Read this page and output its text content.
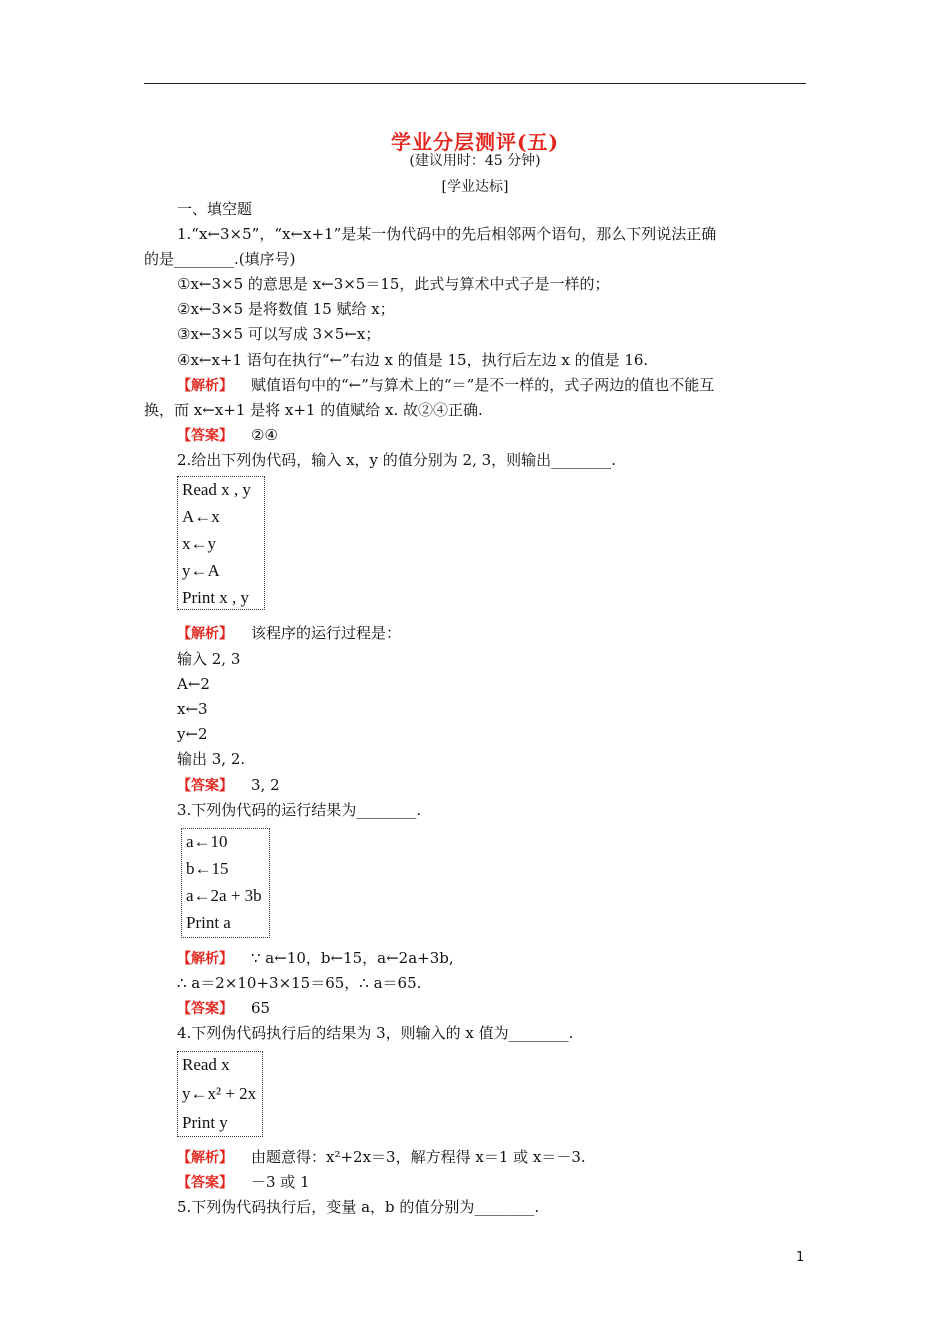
学业分层测评(五)
(建议用时：45 分钟)
[学业达标]
一、填空题
1.“x←3×5”，“x←x+1”是某一伪代码中的先后相邻两个语句，那么下列说法正确
的是________.(填序号)
①x←3×5 的意思是 x←3×5＝15，此式与算术中式子是一样的；
②x←3×5 是将数值 15 赋给 x；
③x←3×5 可以写成 3×5←x；
④x←x+1 语句在执行“←”右边 x 的值是 15，执行后左边 x 的值是 16.
【解析】 赋值语句中的“←”与算术上的“＝”是不一样的，式子两边的值也不能互
换，而 x←x+1 是将 x+1 的值赋给 x. 故②④正确.
【答案】 ②④
2.给出下列伪代码，输入 x，y 的值分别为 2, 3，则输出________.
Read x , y
A←x
x←y
y←A
Print x , y
【解析】 该程序的运行过程是：
输入 2, 3
A←2
x←3
y←2
输出 3, 2.
【答案】 3, 2
3.下列伪代码的运行结果为________.
a←10
b←15
a←2a + 3b
Print a
【解析】 ∵ a←10，b←15，a←2a+3b,
∴ a＝2×10+3×15＝65，∴ a＝65.
【答案】 65
4.下列伪代码执行后的结果为 3，则输入的 x 值为________.
Read x
y←x² + 2x
Print y
【解析】 由题意得：x²+2x＝3，解方程得 x＝1 或 x＝－3.
【答案】 －3 或 1
5.下列伪代码执行后，变量 a，b 的值分别为________.
1
